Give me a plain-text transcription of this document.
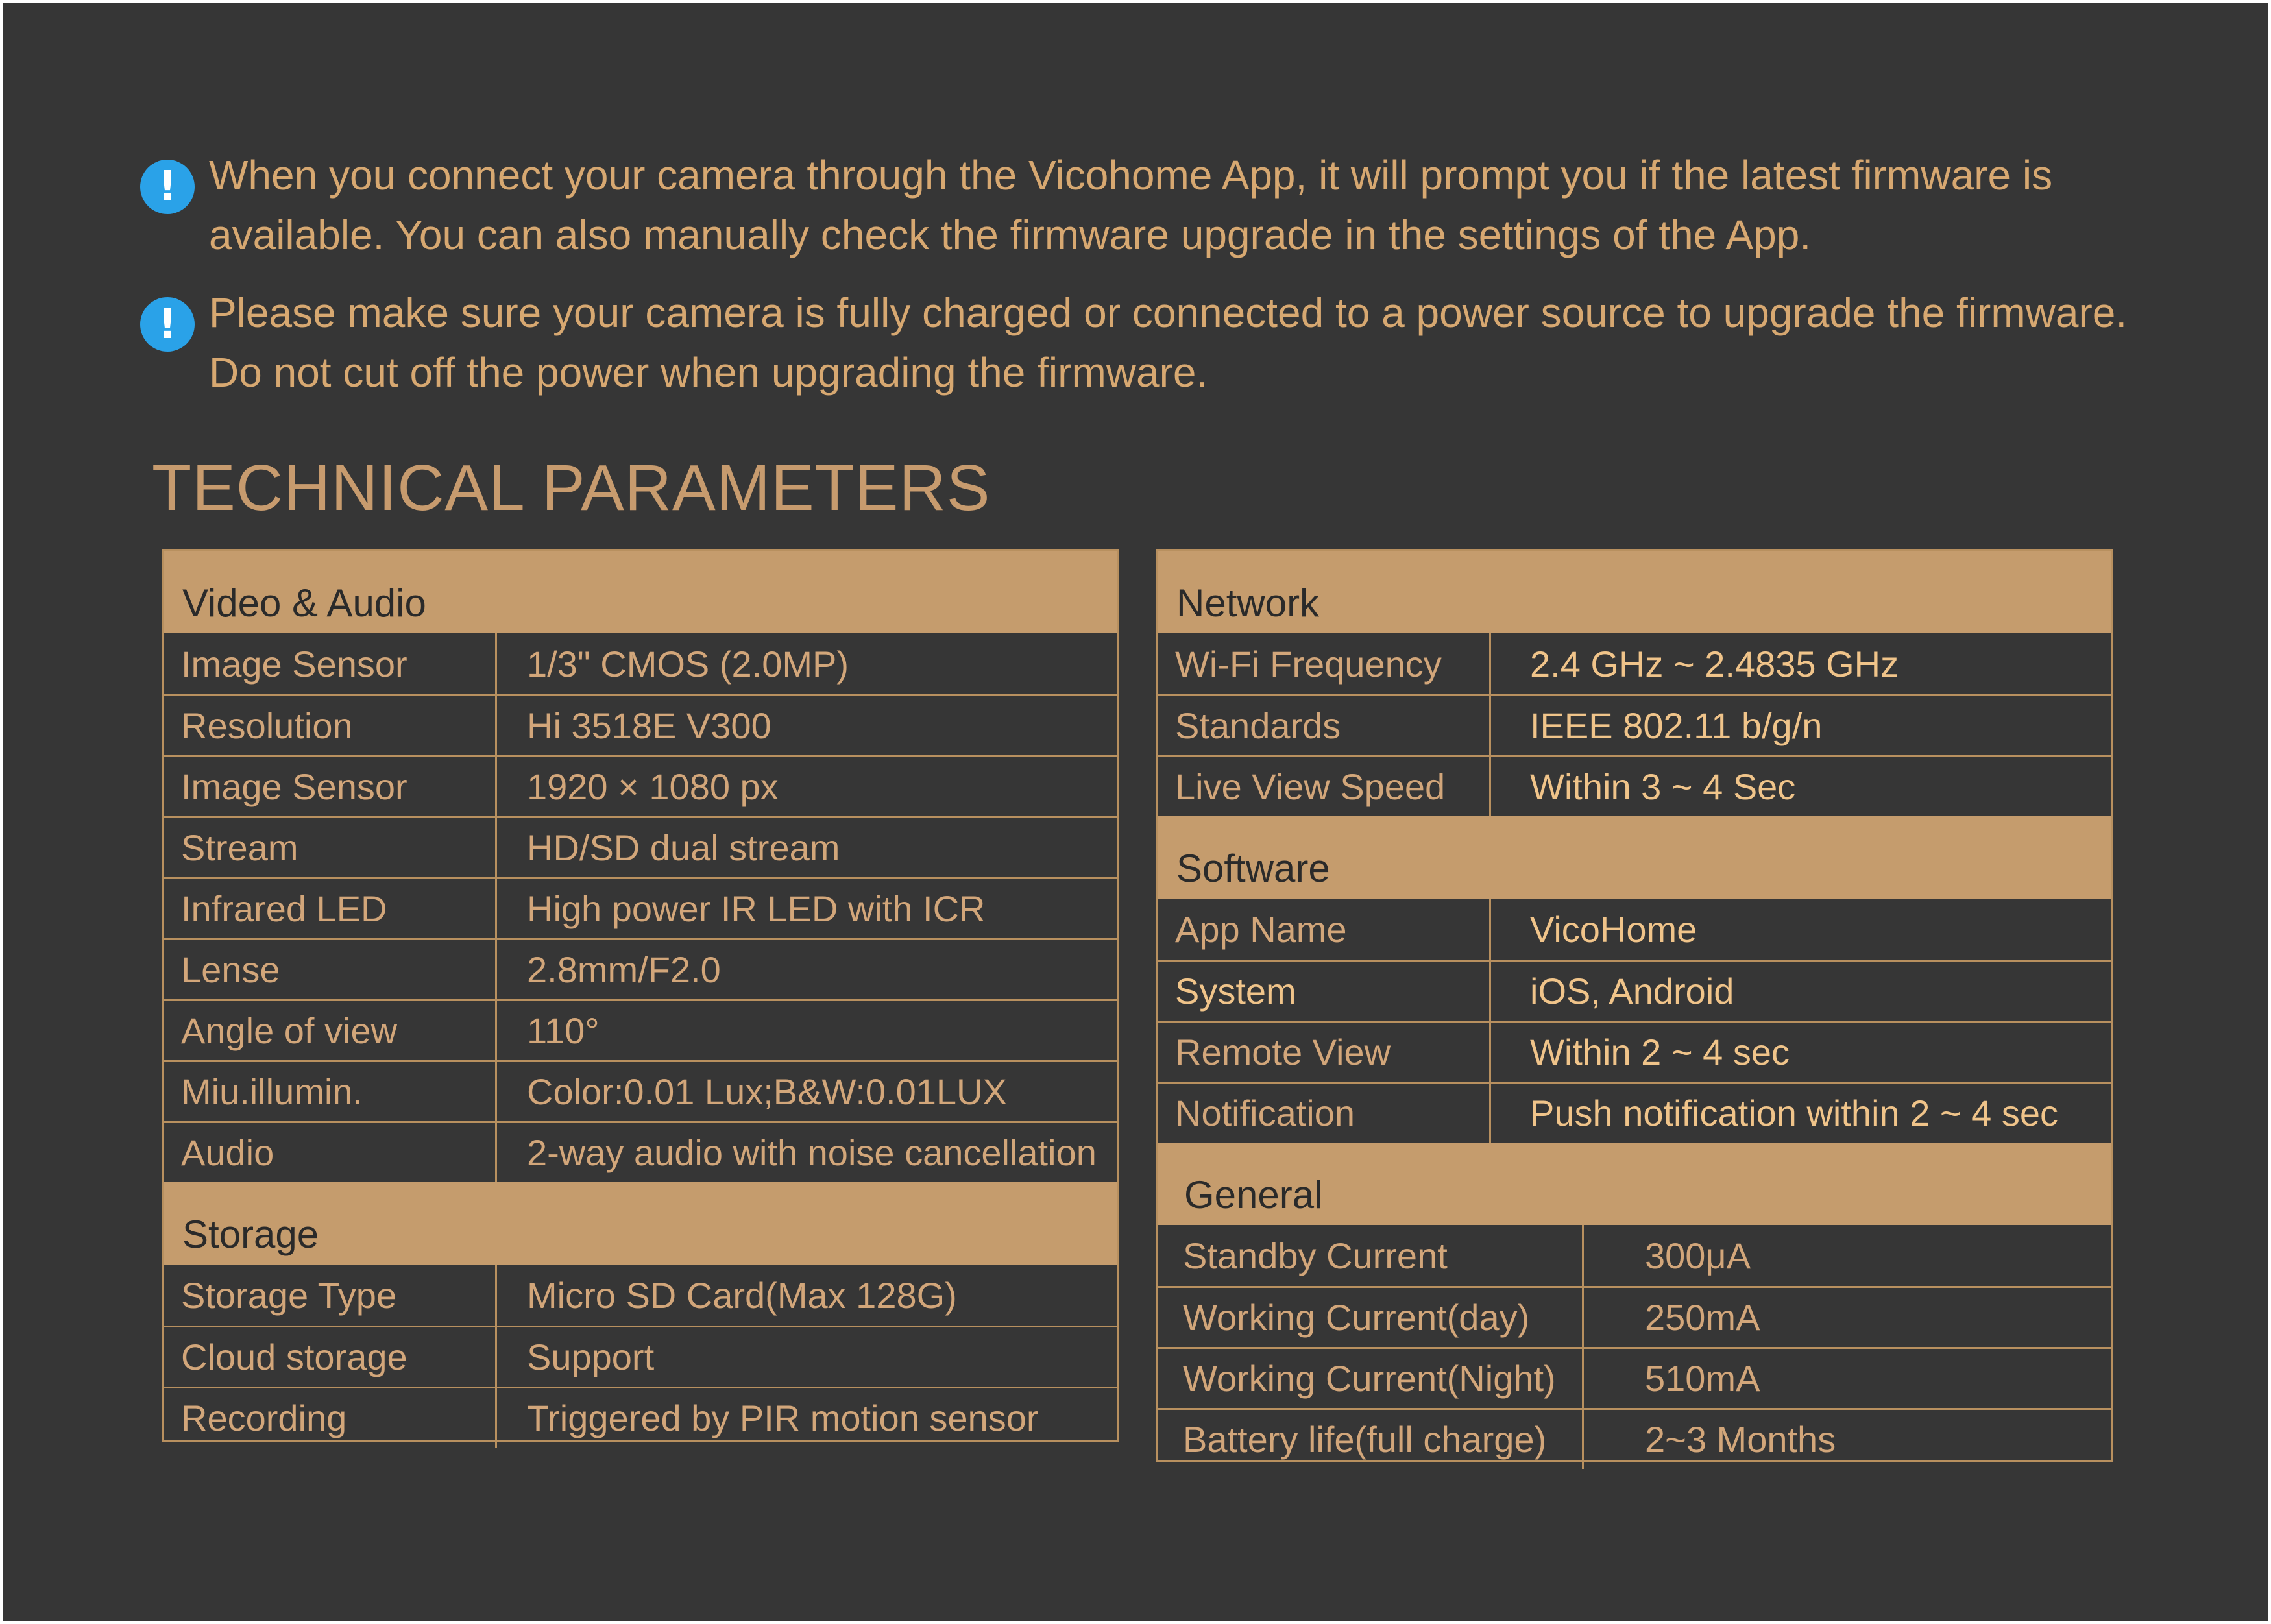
! When you connect your camera through the Vicohome App, it will prompt you if the latest firmware is available. You can also manually check the firmware upgrade in the settings of the App.
! Please make sure your camera is fully charged or connected to a power source to upgrade the firmware. Do not cut off the power when upgrading the firmware.
TECHNICAL PARAMETERS
Video & Audio
Image Sensor	1/3" CMOS (2.0MP)
Resolution	Hi 3518E V300
Image Sensor	1920 × 1080 px
Stream	HD/SD dual stream
Infrared LED	High power IR LED with ICR
Lense	2.8mm/F2.0
Angle of view	110°
Miu.illumin.	Color:0.01 Lux;B&W:0.01LUX
Audio	2-way audio with noise cancellation
Storage
Storage Type	Micro SD Card(Max 128G)
Cloud storage	Support
Recording	Triggered by PIR motion sensor
Network
Wi-Fi Frequency	2.4 GHz ~ 2.4835 GHz
Standards	IEEE 802.11 b/g/n
Live View Speed	Within 3 ~ 4 Sec
Software
App Name	VicoHome
System	iOS, Android
Remote View	Within 2 ~ 4 sec
Notification	Push notification within 2 ~ 4 sec
General
Standby Current	300μA
Working Current(day)	250mA
Working Current(Night)	510mA
Battery life(full charge)	2~3 Months
